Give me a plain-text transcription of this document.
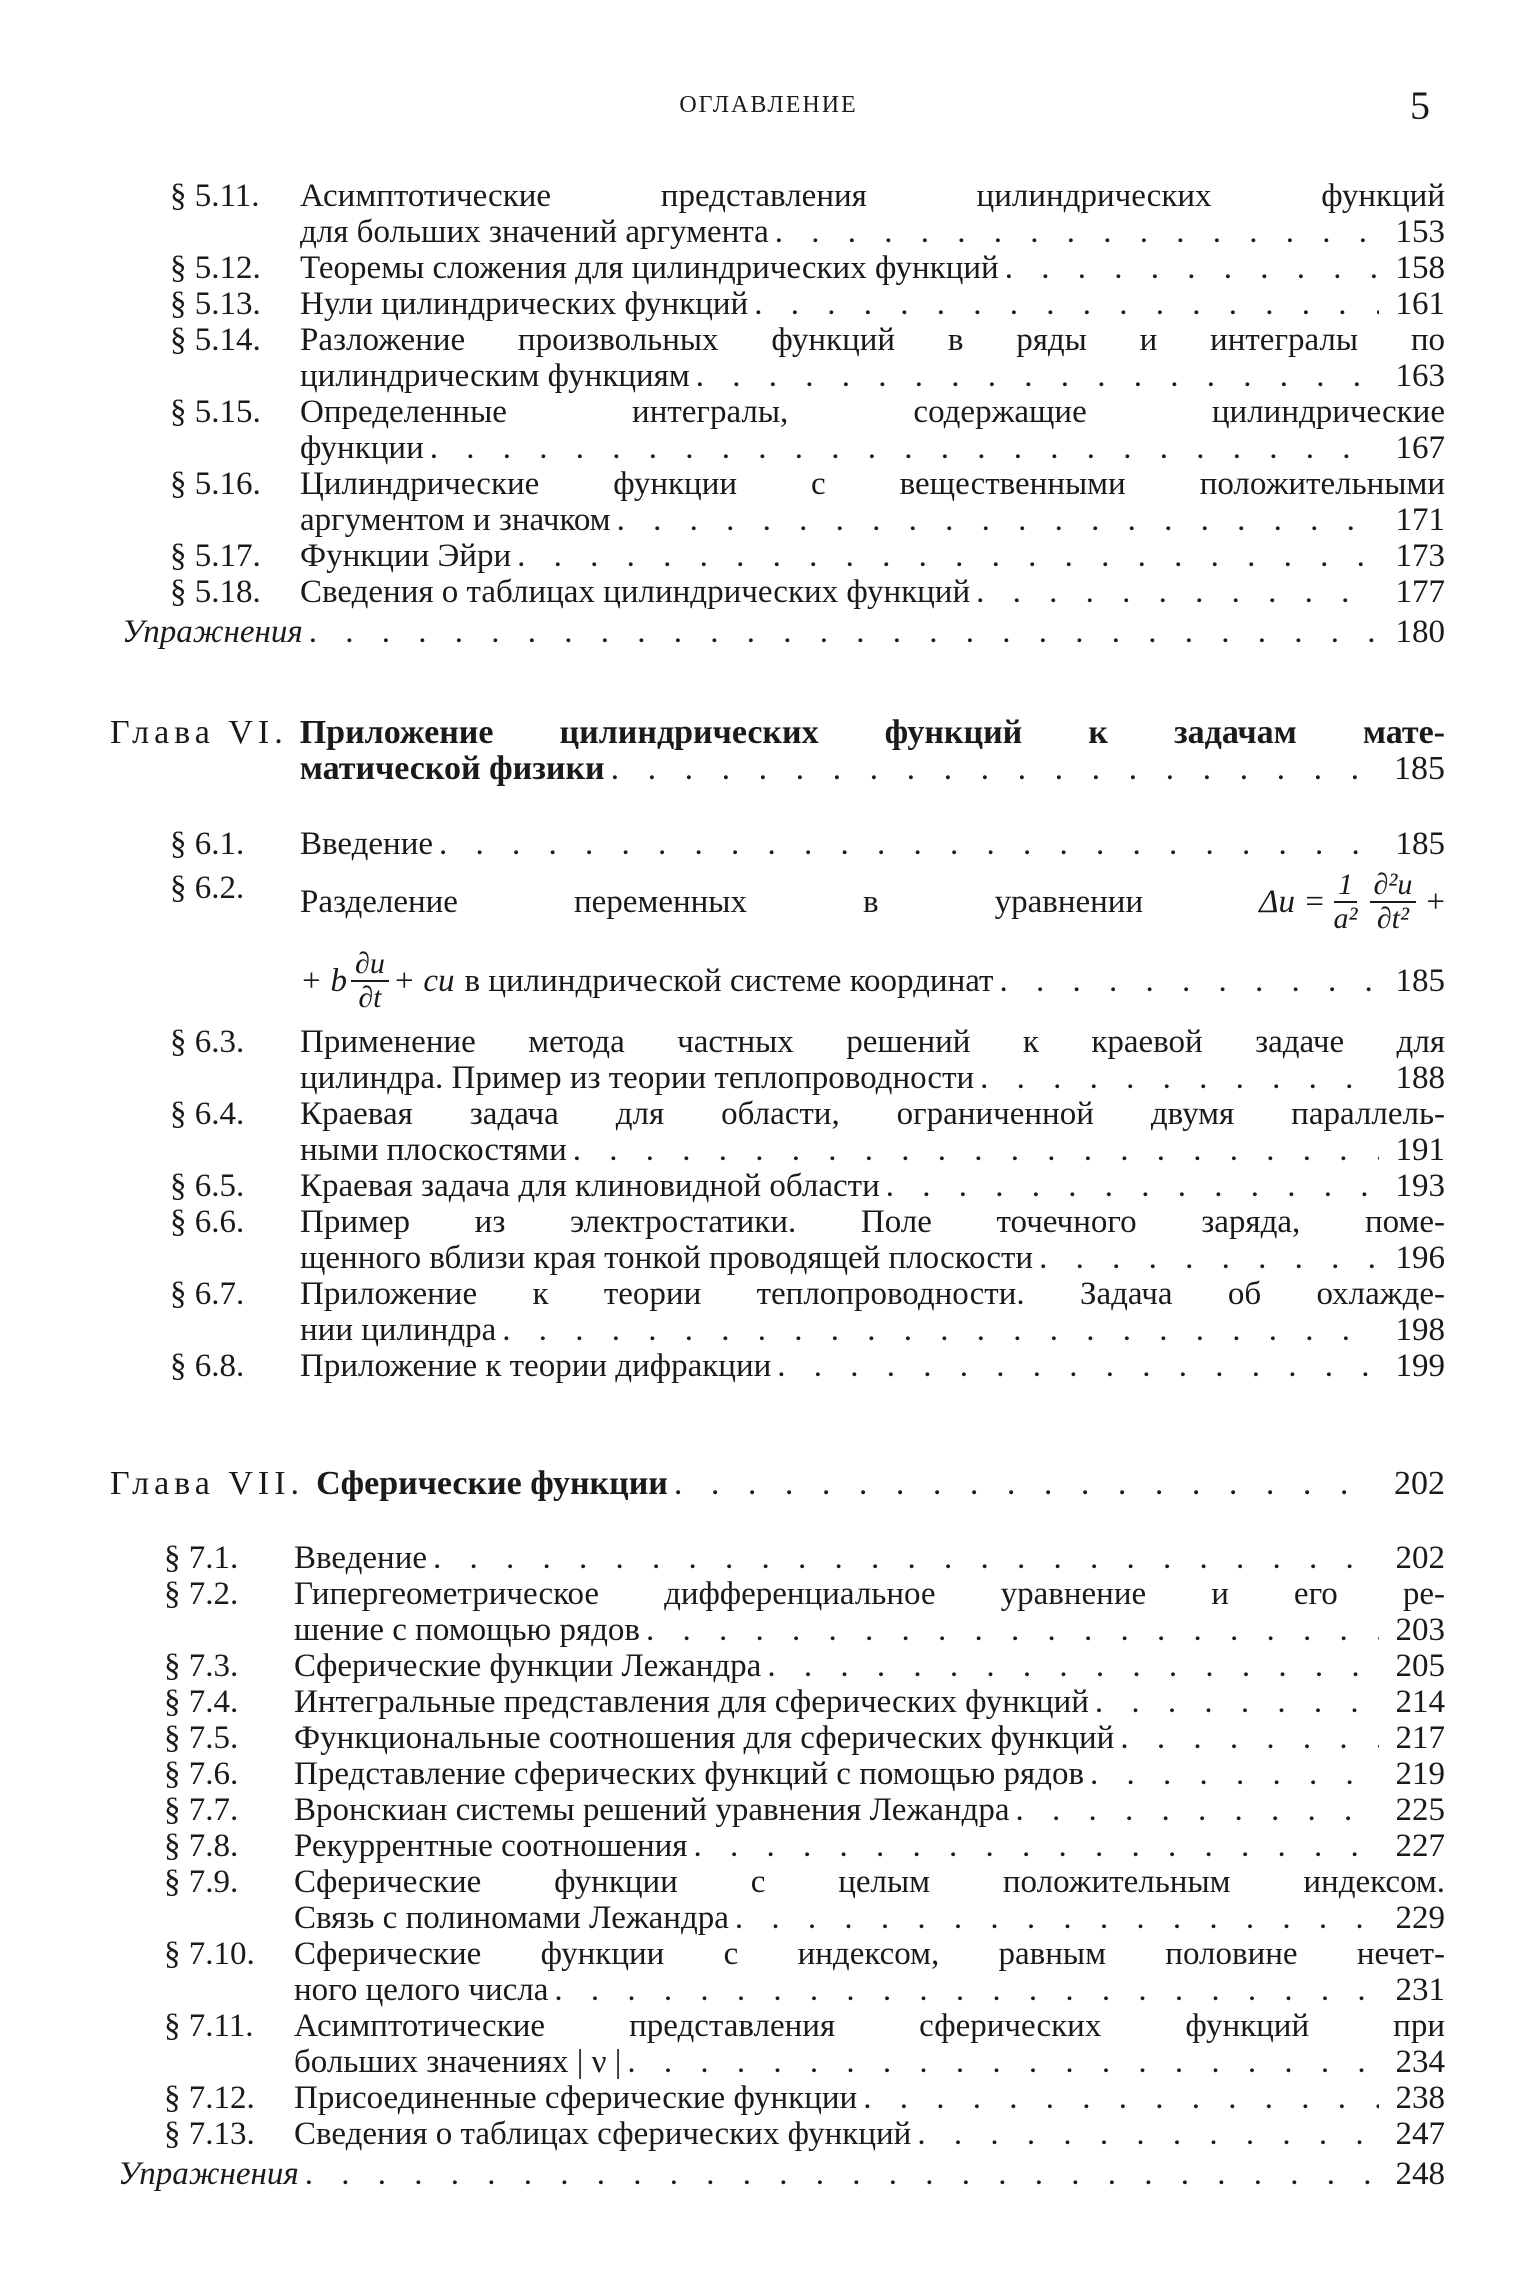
ОГЛАВЛЕНИЕ	5
§ 5.11.	Асимптотические представления цилиндрических функций
для больших значений аргумента . . .	153
§ 5.12.	Теоремы сложения для цилиндрических функций . . .	158
§ 5.13.	Нули цилиндрических функций . . .	161
§ 5.14.	Разложение произвольных функций в ряды и интегралы по
цилиндрическим функциям . . .	163
§ 5.15.	Определенные интегралы, содержащие цилиндрические
функции . . .	167
§ 5.16.	Цилиндрические функции с вещественными положительными
аргументом и значком . . .	171
§ 5.17.	Функции Эйри . . .	173
§ 5.18.	Сведения о таблицах цилиндрических функций . . .	177
Упражнения . . .	180
Глава VI. Приложение цилиндрических функций к задачам мате-
матической физики . . .	185
§ 6.1.	Введение . . .	185
§ 6.2.	Разделение	переменных	в	уравнении	$\Delta u = \frac{1}{\text{a²}} \frac{\text{∂²u}}{\text{∂t²}}$ +
+ b $\frac{\partial u}{\partial t}$ + cu в цилиндрической системе координат . . .	185
§ 6.3.	Применение метода частных решений к краевой задаче для
цилиндра. Пример из теории теплопроводности . . .	188
§ 6.4.	Краевая задача для области, ограниченной двумя параллель-
ными плоскостями . . .	191
§ 6.5.	Краевая задача для клиновидной области . . .	193
§ 6.6.	Пример из электростатики. Поле точечного заряда, поме-
щенного вблизи края тонкой проводящей плоскости . . .	196
§ 6.7.	Приложение к теории теплопроводности. Задача об охлажде-
нии цилиндра . . .	198
§ 6.8.	Приложение к теории дифракции . . .	199
Глава VII. Сферические функции . . .	202
§ 7.1.	Введение . . .	202
§ 7.2.	Гипергеометрическое дифференциальное уравнение и его ре-
шение с помощью рядов . . .	203
§ 7.3.	Сферические функции Лежандра . . .	205
§ 7.4.	Интегральные представления для сферических функций . . .	214
§ 7.5.	Функциональные соотношения для сферических функций . . .	217
§ 7.6.	Представление сферических функций с помощью рядов . . .	219
§ 7.7.	Вронскиан системы решений уравнения Лежандра . . .	225
§ 7.8.	Рекуррентные соотношения . . .	227
§ 7.9.	Сферические функции с целым положительным индексом.
Связь с полиномами Лежандра . . .	229
§ 7.10.	Сферические функции с индексом, равным половине нечет-
ного целого числа . . .	231
§ 7.11.	Асимптотические представления сферических функций при
больших значениях | ν | . . .	234
§ 7.12.	Присоединенные сферические функции . . .	238
§ 7.13.	Сведения о таблицах сферических функций . . .	247
Упражнения . . .	248
